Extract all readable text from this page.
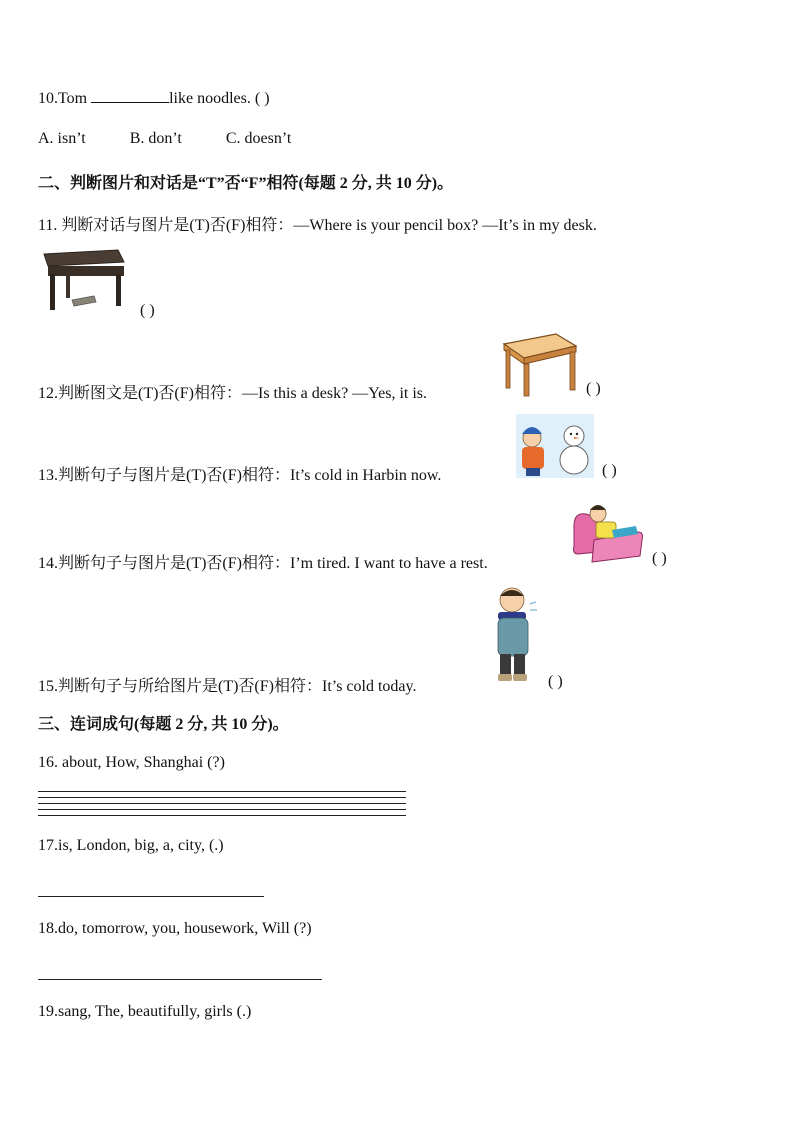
10.Tom	like noodles. ( )
A. isn’t	B. don’t	C. doesn’t
二、判断图片和对话是“T”否“F”相符(每题 2 分, 共 10 分)。
11. 判断对话与图片是(T)否(F)相符：—Where is your pencil box? —It’s in my desk.
( )
12.判断图文是(T)否(F)相符：—Is this a desk? —Yes, it is.	( )
13.判断句子与图片是(T)否(F)相符：It’s cold in Harbin now.	( )
14.判断句子与图片是(T)否(F)相符：I’m tired. I want to have a rest.	( )
15.判断句子与所给图片是(T)否(F)相符：It’s cold today.	( )
三、连词成句(每题 2 分, 共 10 分)。
16. about, How, Shanghai (?)
17.is, London, big, a, city, (.)
18.do, tomorrow, you, housework, Will (?)
19.sang, The, beautifully, girls (.)
